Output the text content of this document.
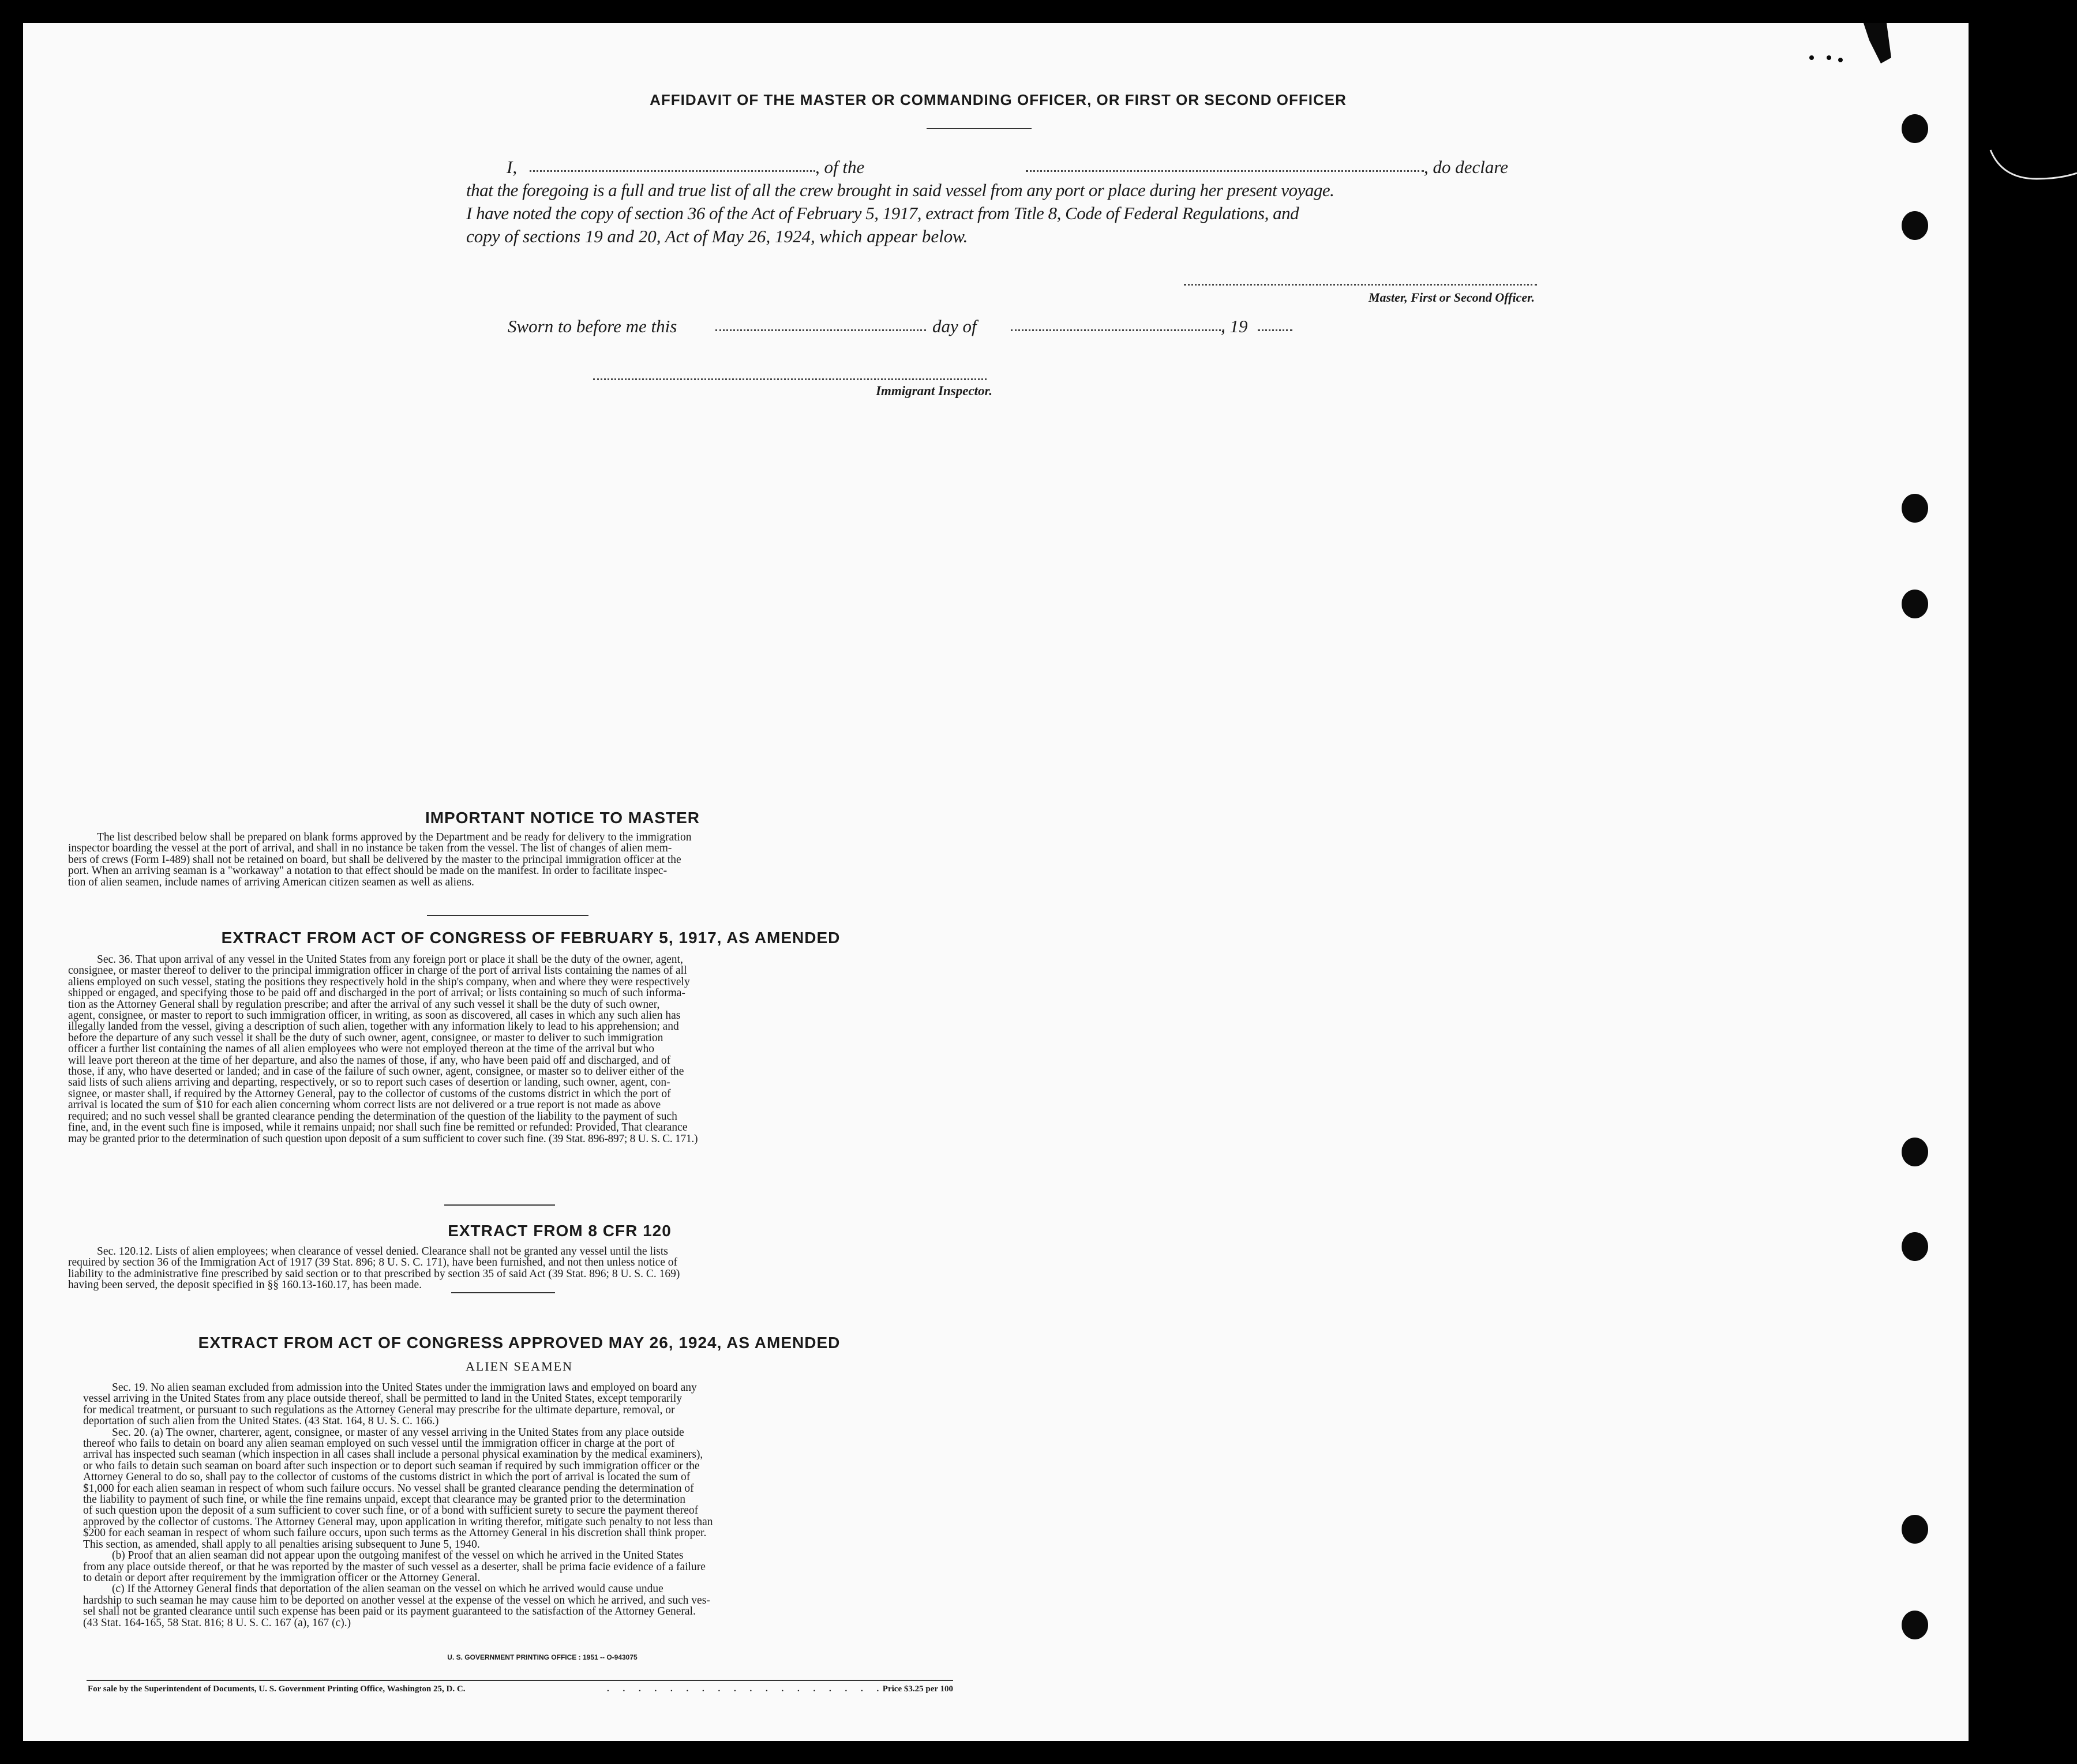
AFFIDAVIT OF THE MASTER OR COMMANDING OFFICER, OR FIRST OR SECOND OFFICER
I,	, of the	, do declare
that the foregoing is a full and true list of all the crew brought in said vessel from any port or place during her present voyage.
I have noted the copy of section 36 of the Act of February 5, 1917, extract from Title 8, Code of Federal Regulations, and
copy of sections 19 and 20, Act of May 26, 1924, which appear below.
Master, First or Second Officer.
Sworn to before me this	day of	, 19
Immigrant Inspector.
IMPORTANT NOTICE TO MASTER

The list described below shall be prepared on blank forms approved by the Department and be ready for delivery to the immigration

inspector boarding the vessel at the port of arrival, and shall in no instance be taken from the vessel. The list of changes of alien mem-

bers of crews (Form I-489) shall not be retained on board, but shall be delivered by the master to the principal immigration officer at the

port. When an arriving seaman is a "workaway" a notation to that effect should be made on the manifest. In order to facilitate inspec-

tion of alien seamen, include names of arriving American citizen seamen as well as aliens.

EXTRACT FROM ACT OF CONGRESS OF FEBRUARY 5, 1917, AS AMENDED

Sec. 36. That upon arrival of any vessel in the United States from any foreign port or place it shall be the duty of the owner, agent,

consignee, or master thereof to deliver to the principal immigration officer in charge of the port of arrival lists containing the names of all

aliens employed on such vessel, stating the positions they respectively hold in the ship's company, when and where they were respectively

shipped or engaged, and specifying those to be paid off and discharged in the port of arrival; or lists containing so much of such informa-

tion as the Attorney General shall by regulation prescribe; and after the arrival of any such vessel it shall be the duty of such owner,

agent, consignee, or master to report to such immigration officer, in writing, as soon as discovered, all cases in which any such alien has

illegally landed from the vessel, giving a description of such alien, together with any information likely to lead to his apprehension; and

before the departure of any such vessel it shall be the duty of such owner, agent, consignee, or master to deliver to such immigration

officer a further list containing the names of all alien employees who were not employed thereon at the time of the arrival but who

will leave port thereon at the time of her departure, and also the names of those, if any, who have been paid off and discharged, and of

those, if any, who have deserted or landed; and in case of the failure of such owner, agent, consignee, or master so to deliver either of the

said lists of such aliens arriving and departing, respectively, or so to report such cases of desertion or landing, such owner, agent, con-

signee, or master shall, if required by the Attorney General, pay to the collector of customs of the customs district in which the port of

arrival is located the sum of $10 for each alien concerning whom correct lists are not delivered or a true report is not made as above

required; and no such vessel shall be granted clearance pending the determination of the question of the liability to the payment of such

fine, and, in the event such fine is imposed, while it remains unpaid; nor shall such fine be remitted or refunded: Provided, That clearance

may be granted prior to the determination of such question upon deposit of a sum sufficient to cover such fine. (39 Stat. 896-897; 8 U. S. C. 171.)

EXTRACT FROM 8 CFR 120

Sec. 120.12. Lists of alien employees; when clearance of vessel denied. Clearance shall not be granted any vessel until the lists

required by section 36 of the Immigration Act of 1917 (39 Stat. 896; 8 U. S. C. 171), have been furnished, and not then unless notice of

liability to the administrative fine prescribed by said section or to that prescribed by section 35 of said Act (39 Stat. 896; 8 U. S. C. 169)

having been served, the deposit specified in §§ 160.13-160.17, has been made.

EXTRACT FROM ACT OF CONGRESS APPROVED MAY 26, 1924, AS AMENDED
ALIEN SEAMEN

Sec. 19. No alien seaman excluded from admission into the United States under the immigration laws and employed on board any

vessel arriving in the United States from any place outside thereof, shall be permitted to land in the United States, except temporarily

for medical treatment, or pursuant to such regulations as the Attorney General may prescribe for the ultimate departure, removal, or

deportation of such alien from the United States. (43 Stat. 164, 8 U. S. C. 166.)

Sec. 20. (a) The owner, charterer, agent, consignee, or master of any vessel arriving in the United States from any place outside

thereof who fails to detain on board any alien seaman employed on such vessel until the immigration officer in charge at the port of

arrival has inspected such seaman (which inspection in all cases shall include a personal physical examination by the medical examiners),

or who fails to detain such seaman on board after such inspection or to deport such seaman if required by such immigration officer or the

Attorney General to do so, shall pay to the collector of customs of the customs district in which the port of arrival is located the sum of

$1,000 for each alien seaman in respect of whom such failure occurs. No vessel shall be granted clearance pending the determination of

the liability to payment of such fine, or while the fine remains unpaid, except that clearance may be granted prior to the determination

of such question upon the deposit of a sum sufficient to cover such fine, or of a bond with sufficient surety to secure the payment thereof

approved by the collector of customs. The Attorney General may, upon application in writing therefor, mitigate such penalty to not less than

$200 for each seaman in respect of whom such failure occurs, upon such terms as the Attorney General in his discretion shall think proper.

This section, as amended, shall apply to all penalties arising subsequent to June 5, 1940.

(b) Proof that an alien seaman did not appear upon the outgoing manifest of the vessel on which he arrived in the United States

from any place outside thereof, or that he was reported by the master of such vessel as a deserter, shall be prima facie evidence of a failure

to detain or deport after requirement by the immigration officer or the Attorney General.

(c) If the Attorney General finds that deportation of the alien seaman on the vessel on which he arrived would cause undue

hardship to such seaman he may cause him to be deported on another vessel at the expense of the vessel on which he arrived, and such ves-

sel shall not be granted clearance until such expense has been paid or its payment guaranteed to the satisfaction of the Attorney General.

(43 Stat. 164-165, 58 Stat. 816; 8 U. S. C. 167 (a), 167 (c).)

U. S. GOVERNMENT PRINTING OFFICE : 1951 -- O-943075
For sale by the Superintendent of Documents, U. S. Government Printing Office, Washington 25, D. C.	. . . . . . . . . . . . . . . . . . .
Price $3.25 per 100
